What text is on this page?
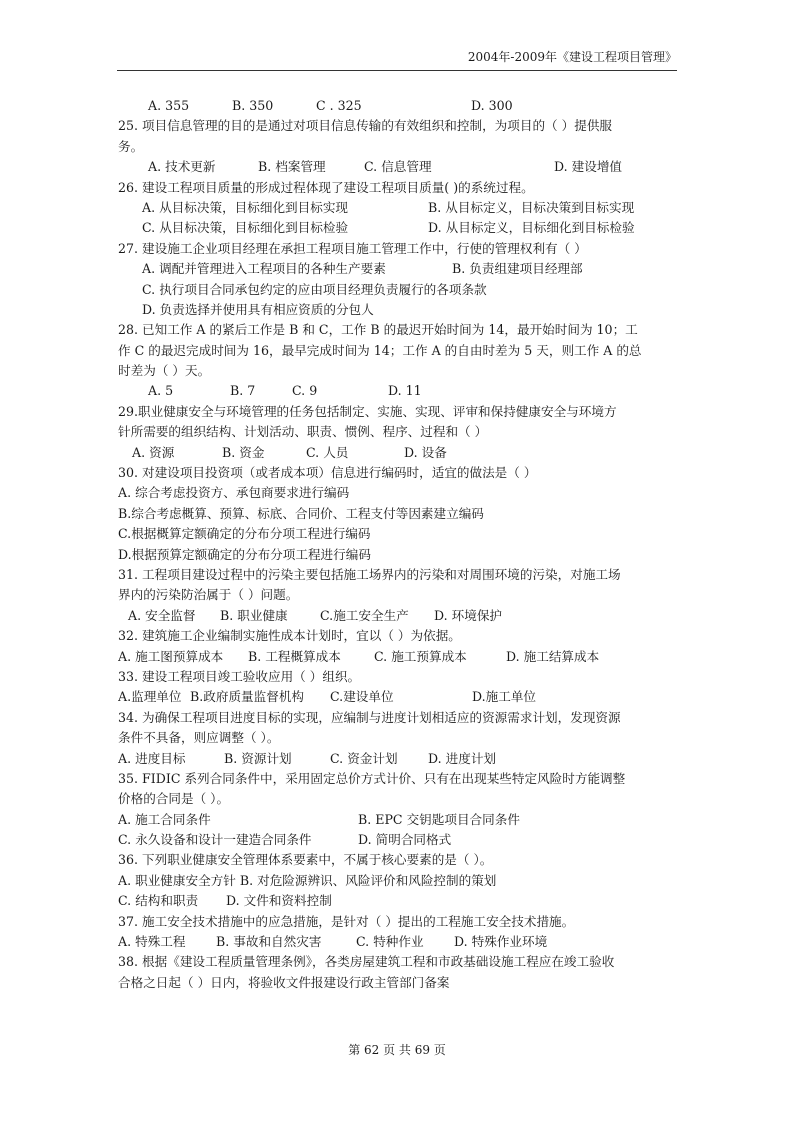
2004年-2009年《建设工程项目管理》
A. 355	B. 350	C . 325	D. 300
25. 项目信息管理的目的是通过对项目信息传输的有效组织和控制，为项目的（ ）提供服
务。
A. 技术更新	B. 档案管理	C. 信息管理	D. 建设增值
26. 建设工程项目质量的形成过程体现了建设工程项目质量( )的系统过程。
A. 从目标决策，目标细化到目标实现	B. 从目标定义，目标决策到目标实现
C. 从目标决策，目标细化到目标检验	D. 从目标定义，目标细化到目标检验
27. 建设施工企业项目经理在承担工程项目施工管理工作中，行使的管理权利有（ ）
A. 调配并管理进入工程项目的各种生产要素	B. 负责组建项目经理部
C. 执行项目合同承包约定的应由项目经理负责履行的各项条款
D. 负责选择并使用具有相应资质的分包人
28. 已知工作 A 的紧后工作是 B 和 C，工作 B 的最迟开始时间为 14，最开始时间为 10；工
作 C 的最迟完成时间为 16，最早完成时间为 14；工作 A 的自由时差为 5 天，则工作 A 的总
时差为（ ）天。
A. 5	B. 7	C. 9	D. 11
29.职业健康安全与环境管理的任务包括制定、实施、实现、评审和保持健康安全与环境方
针所需要的组织结构、计划活动、职责、惯例、程序、过程和（ ）
A. 资源	B. 资金	C. 人员	D. 设备
30. 对建设项目投资项（或者成本项）信息进行编码时，适宜的做法是（ ）
A. 综合考虑投资方、承包商要求进行编码
B.综合考虑概算、预算、标底、合同价、工程支付等因素建立编码
C.根据概算定额确定的分布分项工程进行编码
D.根据预算定额确定的分布分项工程进行编码
31. 工程项目建设过程中的污染主要包括施工场界内的污染和对周围环境的污染，对施工场
界内的污染防治属于（ ）问题。
A. 安全监督	B. 职业健康	C.施工安全生产	D. 环境保护
32. 建筑施工企业编制实施性成本计划时，宜以（ ）为依据。
A. 施工图预算成本	B. 工程概算成本	C. 施工预算成本	D. 施工结算成本
33. 建设工程项目竣工验收应用（ ）组织。
A.监理单位 B.政府质量监督机构	C.建设单位	D.施工单位
34. 为确保工程项目进度目标的实现，应编制与进度计划相适应的资源需求计划，发现资源
条件不具备，则应调整（ ）。
A. 进度目标	B. 资源计划	C. 资金计划	D. 进度计划
35. FIDIC 系列合同条件中，采用固定总价方式计价、只有在出现某些特定风险时方能调整
价格的合同是（ ）。
A. 施工合同条件	B. EPC 交钥匙项目合同条件
C. 永久设备和设计一建造合同条件	D. 简明合同格式
36. 下列职业健康安全管理体系要素中，不属于核心要素的是（ ）。
A. 职业健康安全方针 B. 对危险源辨识、风险评价和风险控制的策划
C. 结构和职责	D. 文件和资料控制
37. 施工安全技术措施中的应急措施，是针对（ ）提出的工程施工安全技术措施。
A. 特殊工程	B. 事故和自然灾害	C. 特种作业	D. 特殊作业环境
38. 根据《建设工程质量管理条例》，各类房屋建筑工程和市政基础设施工程应在竣工验收
合格之日起（ ）日内，将验收文件报建设行政主管部门备案
第 62 页 共 69 页
